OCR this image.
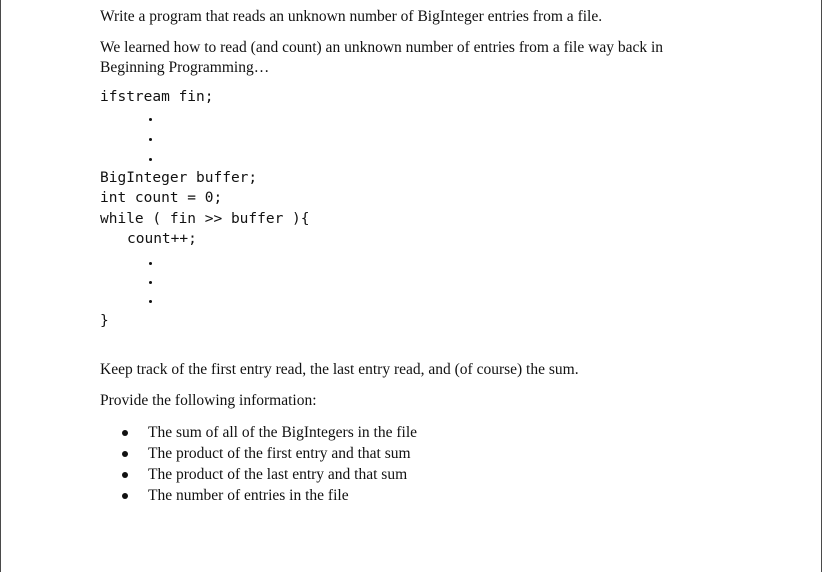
Write a program that reads an unknown number of BigInteger entries from a file.

We learned how to read (and count) an unknown number of entries from a file way back in

Beginning Programming…

ifstream fin;
BigInteger buffer;
int count = 0;
while ( fin >> buffer ){
count++;
}

Keep track of the first entry read, the last entry read, and (of course) the sum.

Provide the following information:

The sum of all of the BigIntegers in the file
The product of the first entry and that sum
The product of the last entry and that sum
The number of entries in the file
